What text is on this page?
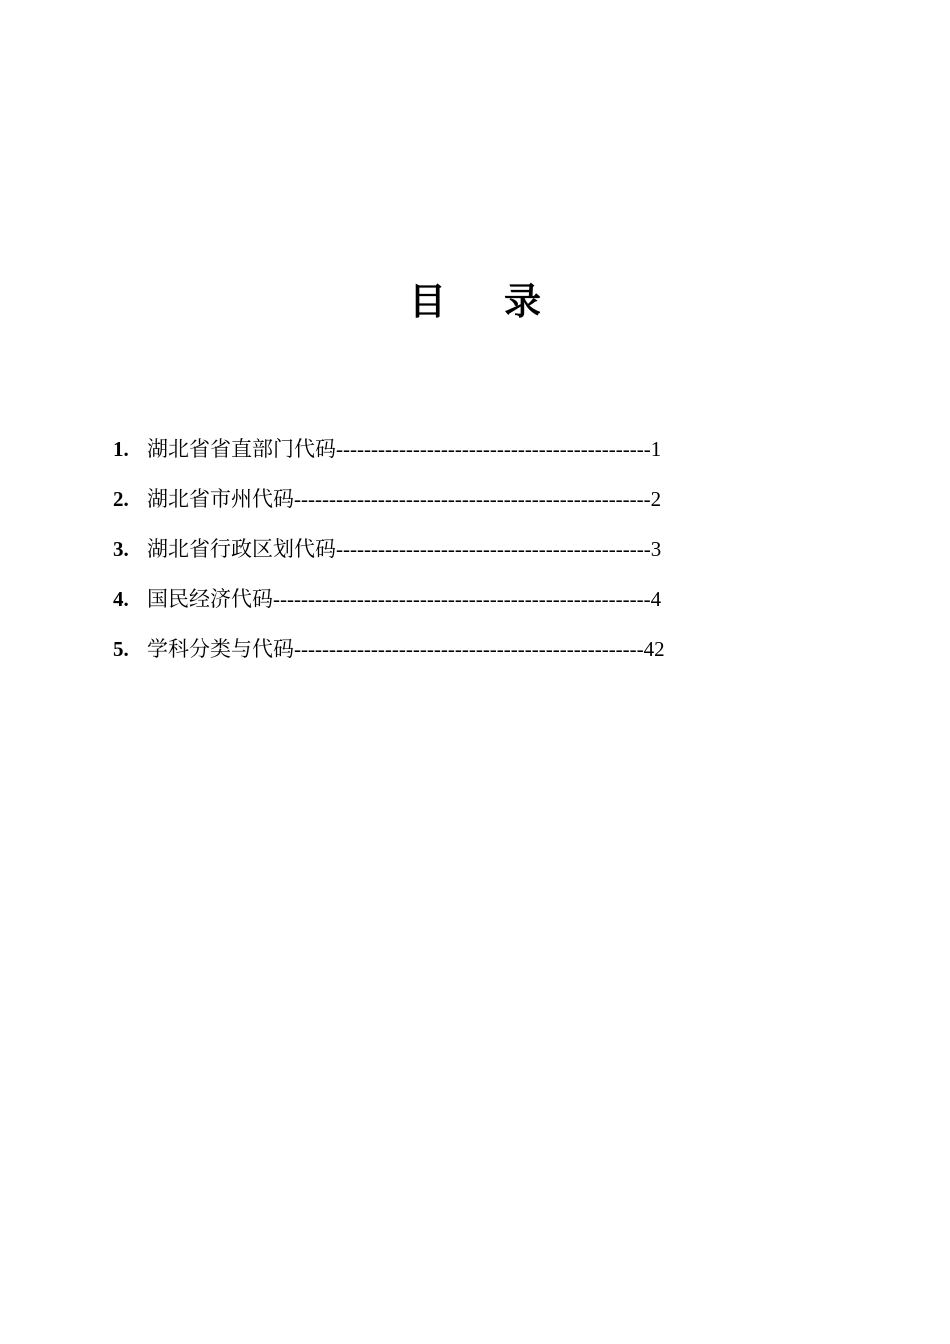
目 录
1. 湖北省省直部门代码---------------------------------------------1
2. 湖北省市州代码---------------------------------------------------2
3. 湖北省行政区划代码---------------------------------------------3
4. 国民经济代码------------------------------------------------------4
5. 学科分类与代码--------------------------------------------------42
